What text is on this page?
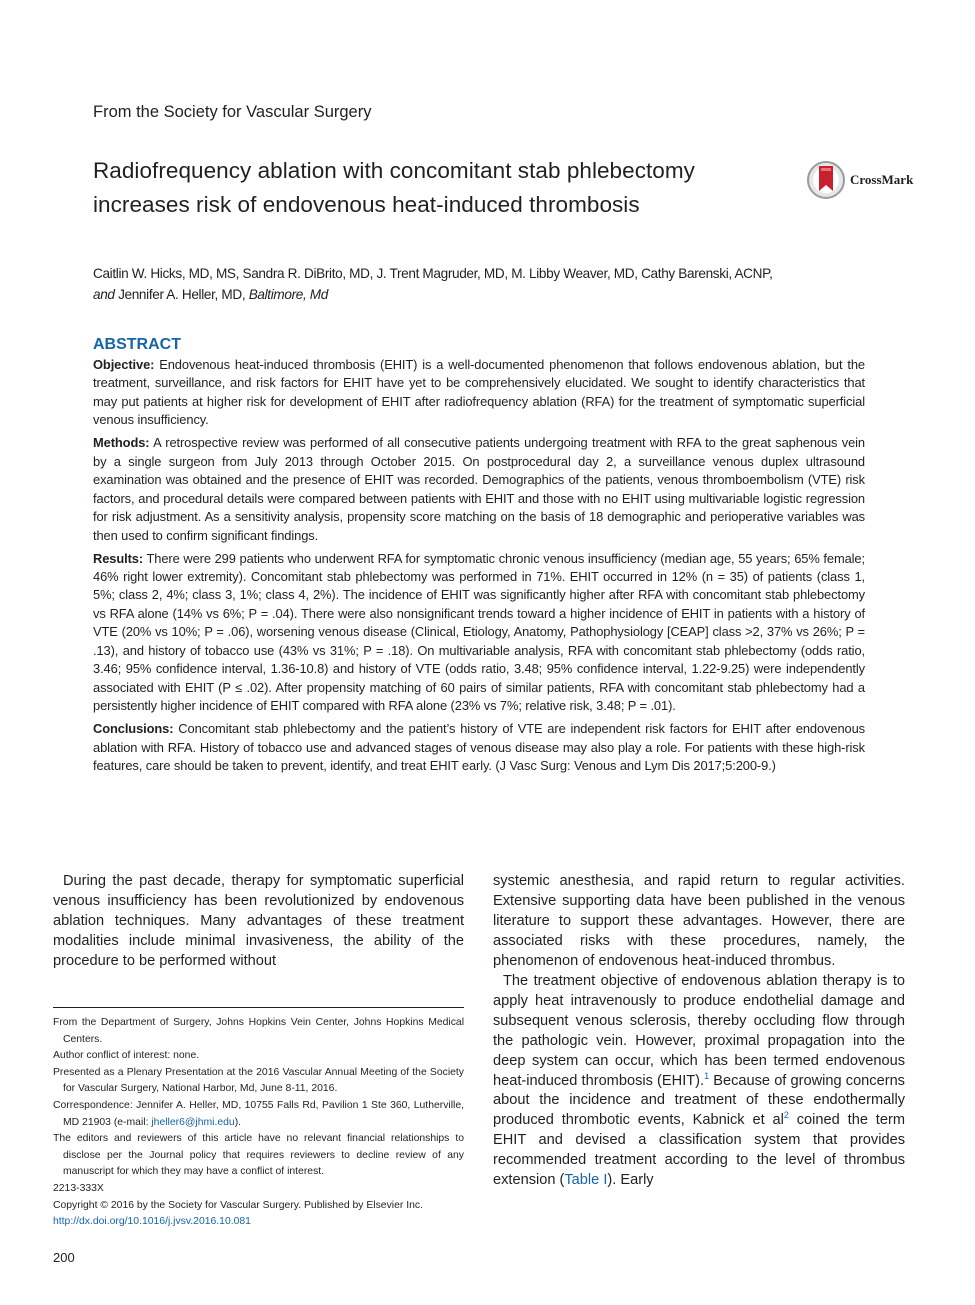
From the Society for Vascular Surgery
Radiofrequency ablation with concomitant stab phlebectomy increases risk of endovenous heat-induced thrombosis
CrossMark
Caitlin W. Hicks, MD, MS, Sandra R. DiBrito, MD, J. Trent Magruder, MD, M. Libby Weaver, MD, Cathy Barenski, ACNP,
and Jennifer A. Heller, MD, Baltimore, Md
ABSTRACT

Objective: Endovenous heat-induced thrombosis (EHIT) is a well-documented phenomenon that follows endovenous ablation, but the treatment, surveillance, and risk factors for EHIT have yet to be comprehensively elucidated. We sought to identify characteristics that may put patients at higher risk for development of EHIT after radiofrequency ablation (RFA) for the treatment of symptomatic superficial venous insufficiency.

Methods: A retrospective review was performed of all consecutive patients undergoing treatment with RFA to the great saphenous vein by a single surgeon from July 2013 through October 2015. On postprocedural day 2, a surveillance venous duplex ultrasound examination was obtained and the presence of EHIT was recorded. Demographics of the patients, venous thromboembolism (VTE) risk factors, and procedural details were compared between patients with EHIT and those with no EHIT using multivariable logistic regression for risk adjustment. As a sensitivity analysis, propensity score matching on the basis of 18 demographic and perioperative variables was then used to confirm significant findings.

Results: There were 299 patients who underwent RFA for symptomatic chronic venous insufficiency (median age, 55 years; 65% female; 46% right lower extremity). Concomitant stab phlebectomy was performed in 71%. EHIT occurred in 12% (n = 35) of patients (class 1, 5%; class 2, 4%; class 3, 1%; class 4, 2%). The incidence of EHIT was significantly higher after RFA with concomitant stab phlebectomy vs RFA alone (14% vs 6%; P = .04). There were also nonsignificant trends toward a higher incidence of EHIT in patients with a history of VTE (20% vs 10%; P = .06), worsening venous disease (Clinical, Etiology, Anatomy, Pathophysiology [CEAP] class >2, 37% vs 26%; P = .13), and history of tobacco use (43% vs 31%; P = .18). On multivariable analysis, RFA with concomitant stab phlebectomy (odds ratio, 3.46; 95% confidence interval, 1.36-10.8) and history of VTE (odds ratio, 3.48; 95% confidence interval, 1.22-9.25) were independently associated with EHIT (P ≤ .02). After propensity matching of 60 pairs of similar patients, RFA with concomitant stab phlebectomy had a persistently higher incidence of EHIT compared with RFA alone (23% vs 7%; relative risk, 3.48; P = .01).

Conclusions: Concomitant stab phlebectomy and the patient’s history of VTE are independent risk factors for EHIT after endovenous ablation with RFA. History of tobacco use and advanced stages of venous disease may also play a role. For patients with these high-risk features, care should be taken to prevent, identify, and treat EHIT early. (J Vasc Surg: Venous and Lym Dis 2017;5:200-9.)

During the past decade, therapy for symptomatic superficial venous insufficiency has been revolutionized by endovenous ablation techniques. Many advantages of these treatment modalities include minimal invasiveness, the ability of the procedure to be performed without

From the Department of Surgery, Johns Hopkins Vein Center, Johns Hopkins Medical Centers.
Author conflict of interest: none.
Presented as a Plenary Presentation at the 2016 Vascular Annual Meeting of the Society for Vascular Surgery, National Harbor, Md, June 8-11, 2016.
Correspondence: Jennifer A. Heller, MD, 10755 Falls Rd, Pavilion 1 Ste 360, Lutherville, MD 21903 (e-mail: jheller6@jhmi.edu).
The editors and reviewers of this article have no relevant financial relationships to disclose per the Journal policy that requires reviewers to decline review of any manuscript for which they may have a conflict of interest.
2213-333X
Copyright © 2016 by the Society for Vascular Surgery. Published by Elsevier Inc.
http://dx.doi.org/10.1016/j.jvsv.2016.10.081

systemic anesthesia, and rapid return to regular activities. Extensive supporting data have been published in the venous literature to support these advantages. However, there are associated risks with these procedures, namely, the phenomenon of endovenous heat-induced thrombus.

The treatment objective of endovenous ablation therapy is to apply heat intravenously to produce endothelial damage and subsequent venous sclerosis, thereby occluding flow through the pathologic vein. However, proximal propagation into the deep system can occur, which has been termed endovenous heat-induced thrombosis (EHIT).$^1$ Because of growing concerns about the incidence and treatment of these endothermally produced thrombotic events, Kabnick et $al^2$ coined the term EHIT and devised a classification system that provides recommended treatment according to the level of thrombus extension (Table I). Early

200
